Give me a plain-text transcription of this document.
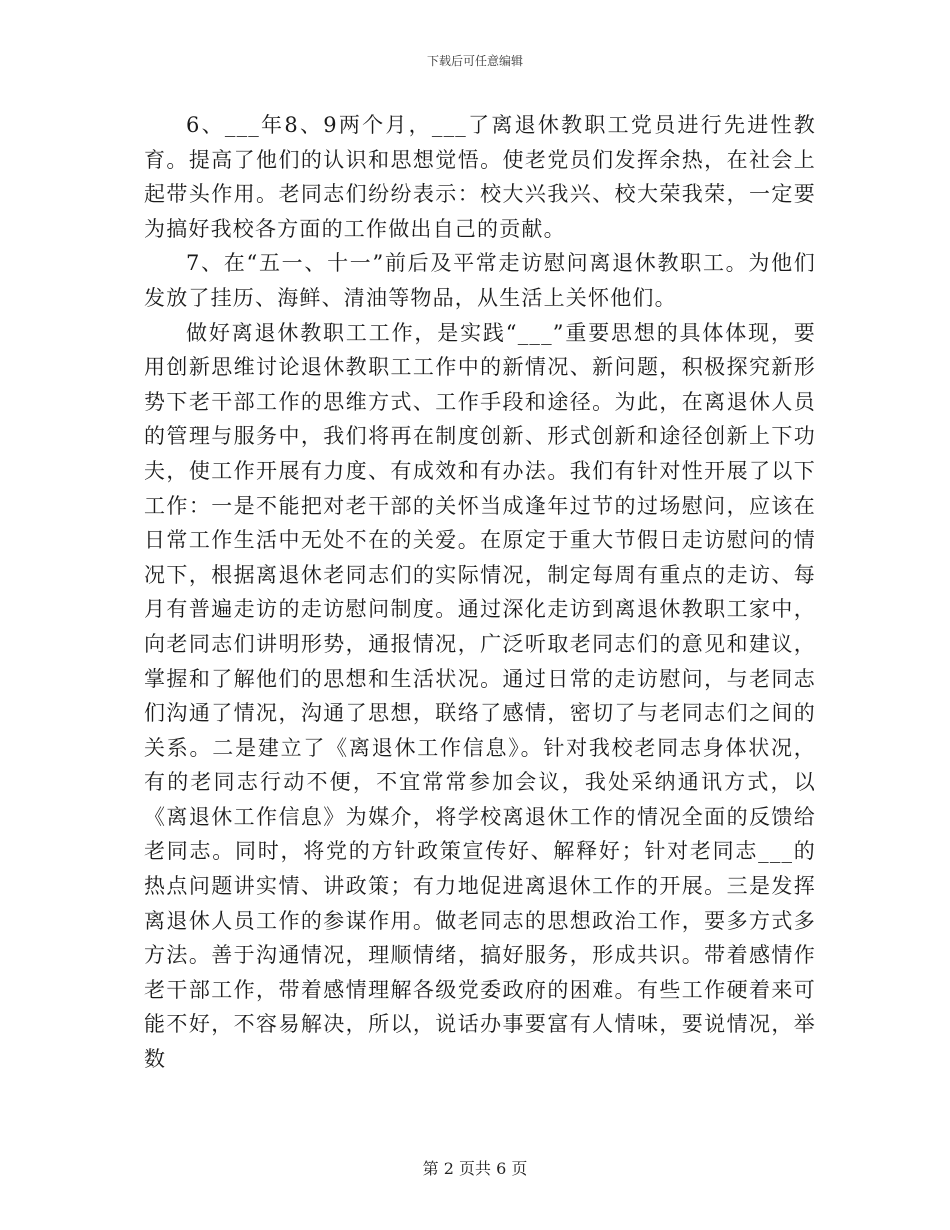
下载后可任意编辑

6、___年8、9两个月，___了离退休教职工党员进行先进性教育。提高了他们的认识和思想觉悟。使老党员们发挥余热，在社会上起带头作用。老同志们纷纷表示：校大兴我兴、校大荣我荣，一定要为搞好我校各方面的工作做出自己的贡献。

7、在“五一、十一”前后及平常走访慰问离退休教职工。为他们发放了挂历、海鲜、清油等物品，从生活上关怀他们。

做好离退休教职工工作，是实践“___”重要思想的具体体现，要用创新思维讨论退休教职工工作中的新情况、新问题，积极探究新形势下老干部工作的思维方式、工作手段和途径。为此，在离退休人员的管理与服务中，我们将再在制度创新、形式创新和途径创新上下功夫，使工作开展有力度、有成效和有办法。我们有针对性开展了以下工作：一是不能把对老干部的关怀当成逢年过节的过场慰问，应该在日常工作生活中无处不在的关爱。在原定于重大节假日走访慰问的情况下，根据离退休老同志们的实际情况，制定每周有重点的走访、每月有普遍走访的走访慰问制度。通过深化走访到离退休教职工家中，向老同志们讲明形势，通报情况，广泛听取老同志们的意见和建议，掌握和了解他们的思想和生活状况。通过日常的走访慰问，与老同志们沟通了情况，沟通了思想，联络了感情，密切了与老同志们之间的关系。二是建立了《离退休工作信息》。针对我校老同志身体状况，有的老同志行动不便，不宜常常参加会议，我处采纳通讯方式，以《离退休工作信息》为媒介，将学校离退休工作的情况全面的反馈给老同志。同时，将党的方针政策宣传好、解释好；针对老同志___的热点问题讲实情、讲政策；有力地促进离退休工作的开展。三是发挥离退休人员工作的参谋作用。做老同志的思想政治工作，要多方式多方法。善于沟通情况，理顺情绪，搞好服务，形成共识。带着感情作老干部工作，带着感情理解各级党委政府的困难。有些工作硬着来可能不好，不容易解决，所以，说话办事要富有人情味，要说情况，举数

第 2 页共 6 页
